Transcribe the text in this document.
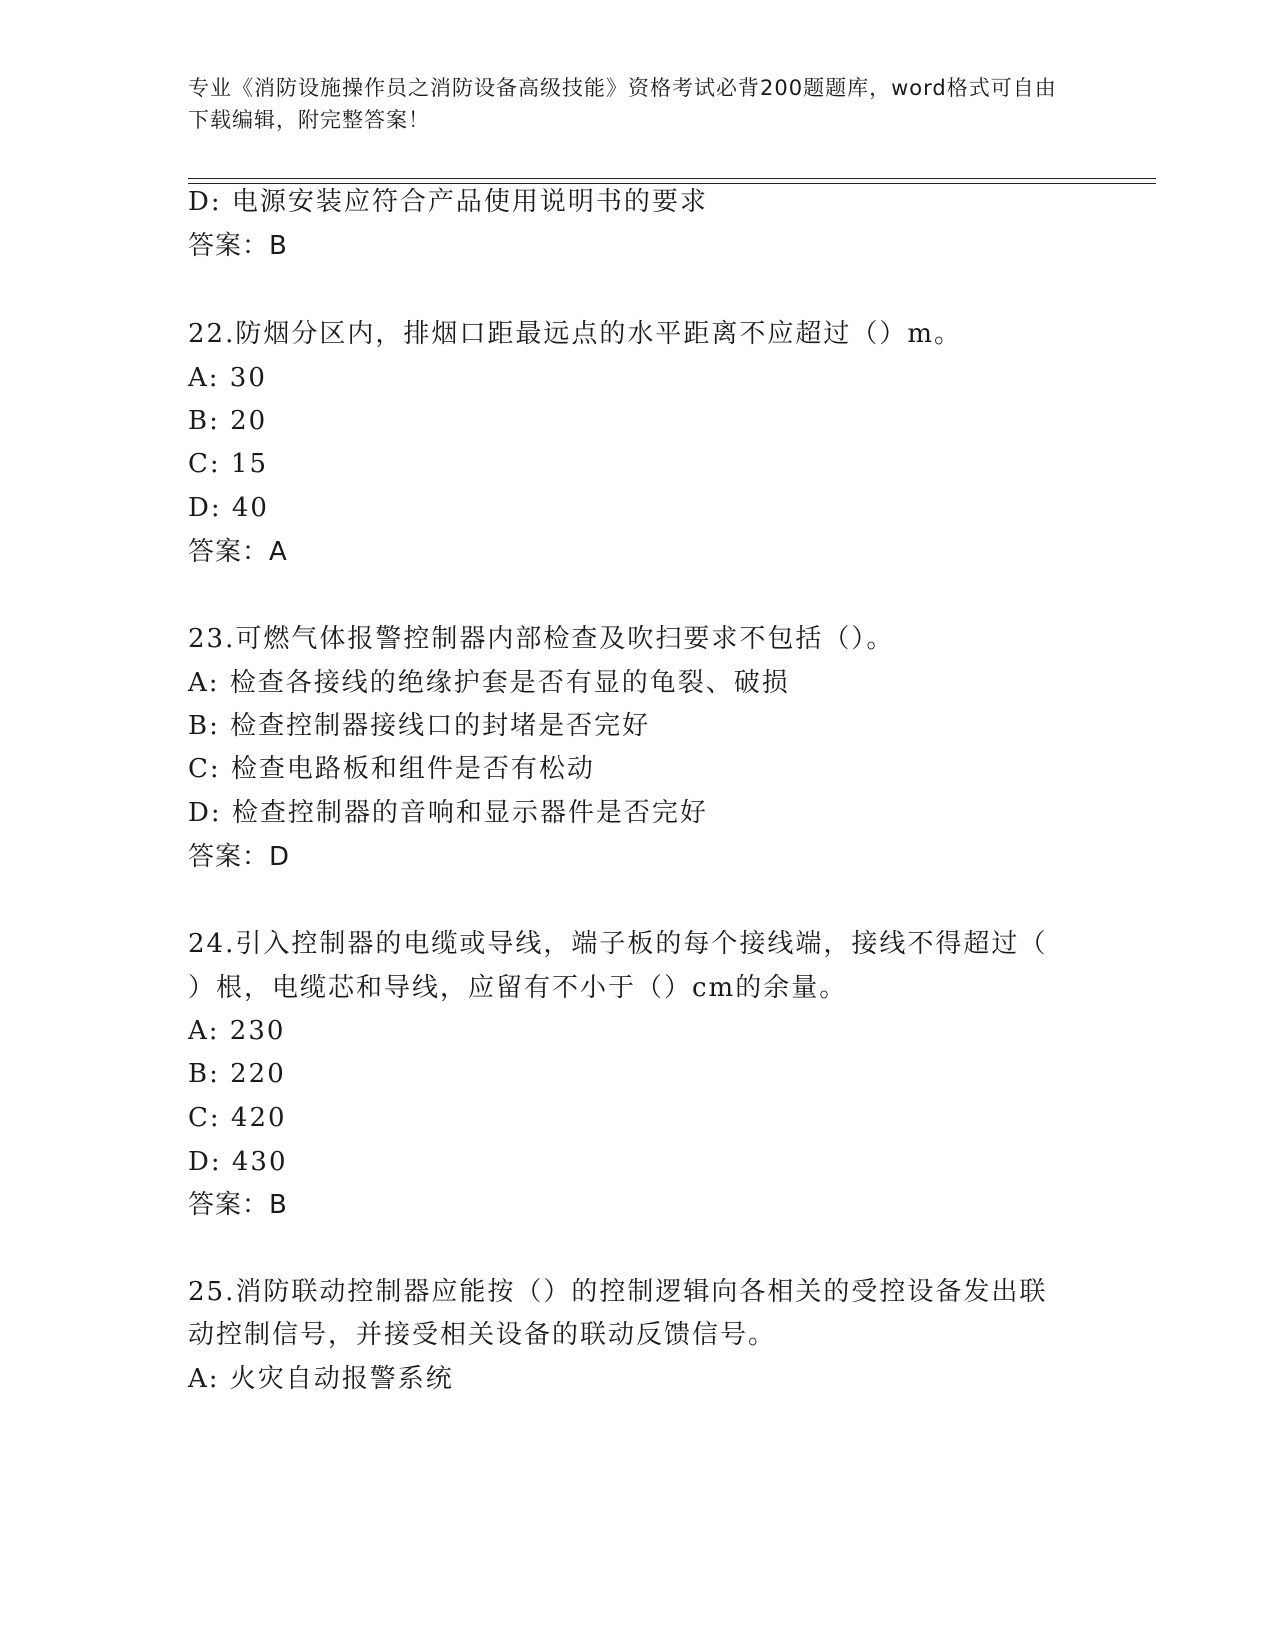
专业《消防设施操作员之消防设备高级技能》资格考试必背200题题库，word格式可自由下载编辑，附完整答案！

D: 电源安装应符合产品使用说明书的要求
答案：B
22.防烟分区内，排烟口距最远点的水平距离不应超过（）m。
A: 30
B: 20
C: 15
D: 40
答案：A
23.可燃气体报警控制器内部检查及吹扫要求不包括（）。
A: 检查各接线的绝缘护套是否有显的龟裂、破损
B: 检查控制器接线口的封堵是否完好
C: 检查电路板和组件是否有松动
D: 检查控制器的音响和显示器件是否完好
答案：D
24.引入控制器的电缆或导线，端子板的每个接线端，接线不得超过（
）根，电缆芯和导线，应留有不小于（）cm的余量。
A: 230
B: 220
C: 420
D: 430
答案：B
25.消防联动控制器应能按（）的控制逻辑向各相关的受控设备发出联
动控制信号，并接受相关设备的联动反馈信号。
A: 火灾自动报警系统
